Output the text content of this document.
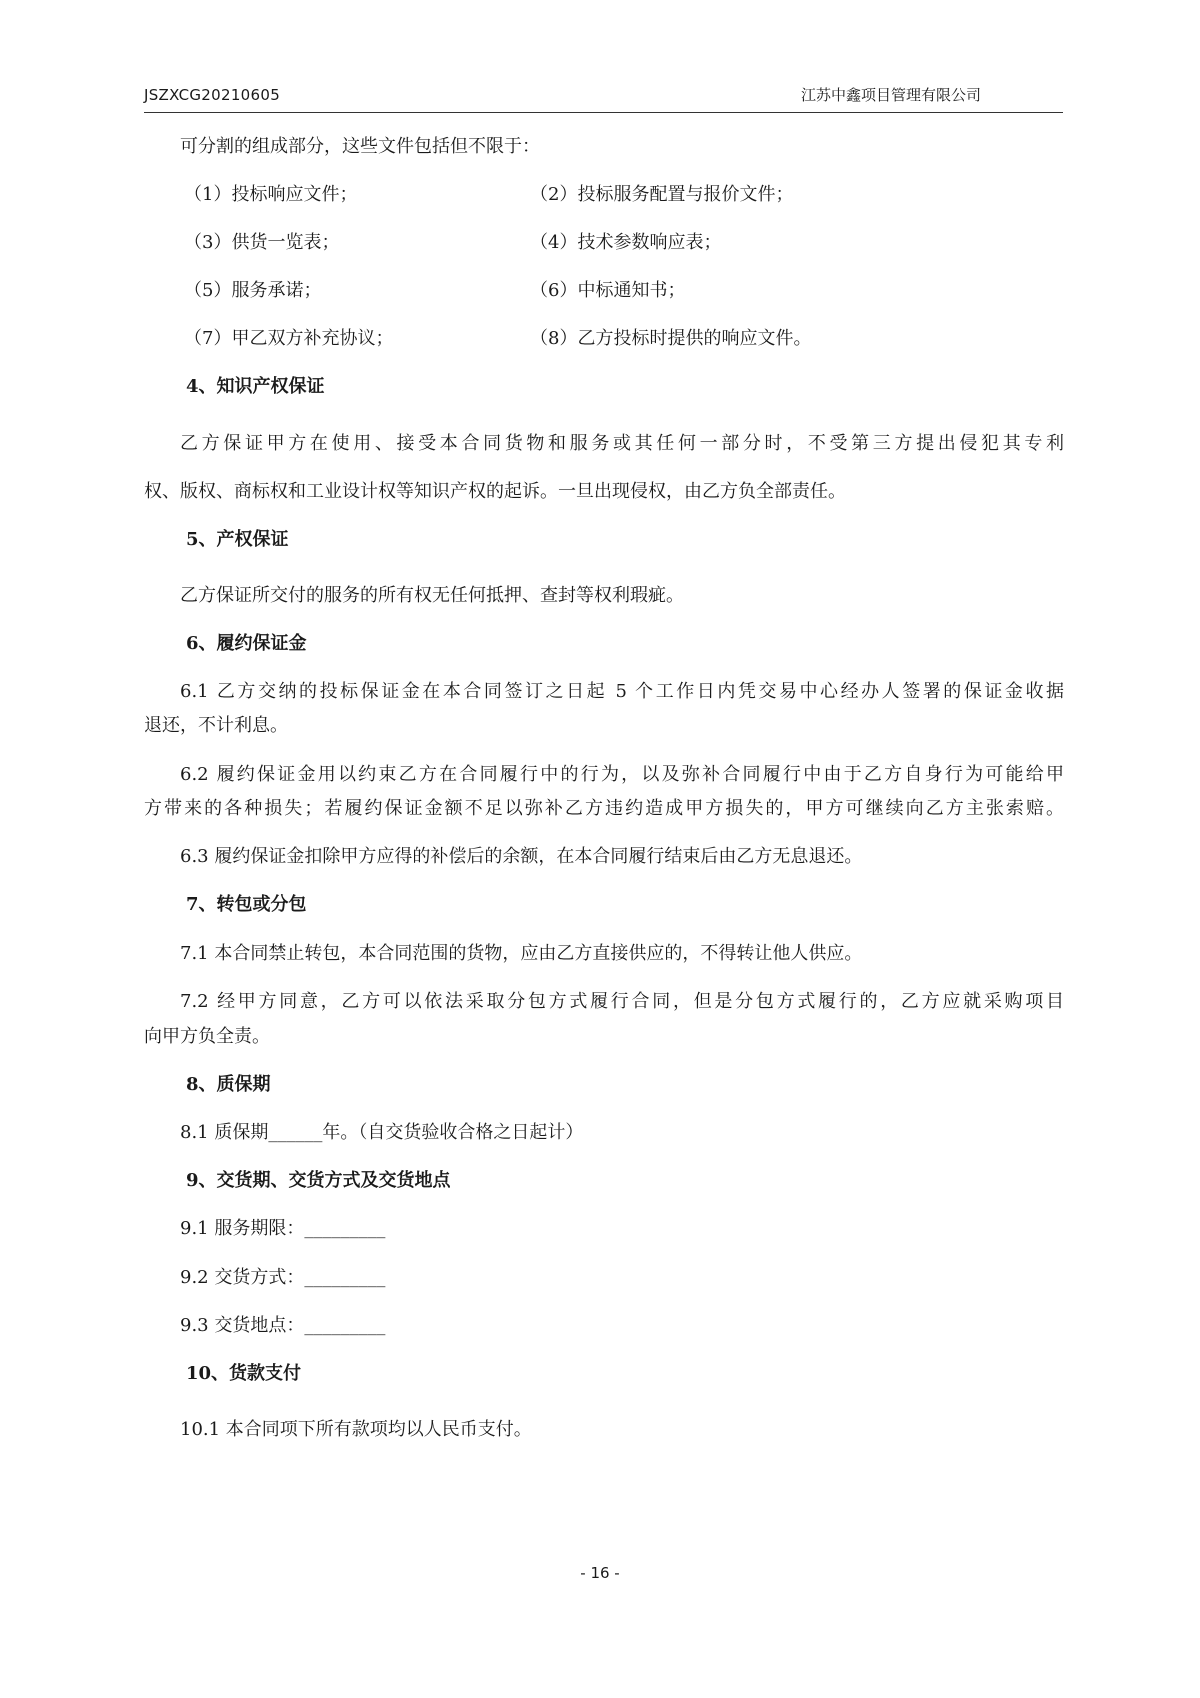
JSZXCG20210605	江苏中鑫项目管理有限公司
可分割的组成部分，这些文件包括但不限于：
（1）投标响应文件；	（2）投标服务配置与报价文件；
（3）供货一览表；	（4）技术参数响应表；
（5）服务承诺；	（6）中标通知书；
（7）甲乙双方补充协议；	（8）乙方投标时提供的响应文件。
4、知识产权保证
乙方保证甲方在使用、接受本合同货物和服务或其任何一部分时，不受第三方提出侵犯其专利
权、版权、商标权和工业设计权等知识产权的起诉。一旦出现侵权，由乙方负全部责任。
5、产权保证
乙方保证所交付的服务的所有权无任何抵押、查封等权利瑕疵。
6、履约保证金
6.1 乙方交纳的投标保证金在本合同签订之日起 5 个工作日内凭交易中心经办人签署的保证金收据
退还，不计利息。
6.2 履约保证金用以约束乙方在合同履行中的行为，以及弥补合同履行中由于乙方自身行为可能给甲
方带来的各种损失；若履约保证金额不足以弥补乙方违约造成甲方损失的，甲方可继续向乙方主张索赔。
6.3 履约保证金扣除甲方应得的补偿后的余额，在本合同履行结束后由乙方无息退还。
7、转包或分包
7.1 本合同禁止转包，本合同范围的货物，应由乙方直接供应的，不得转让他人供应。
7.2 经甲方同意，乙方可以依法采取分包方式履行合同，但是分包方式履行的，乙方应就采购项目
向甲方负全责。
8、质保期
8.1 质保期______年。（自交货验收合格之日起计）
9、交货期、交货方式及交货地点
9.1 服务期限：_________
9.2 交货方式：_________
9.3 交货地点：_________
10、货款支付
10.1 本合同项下所有款项均以人民币支付。
- 16 -
